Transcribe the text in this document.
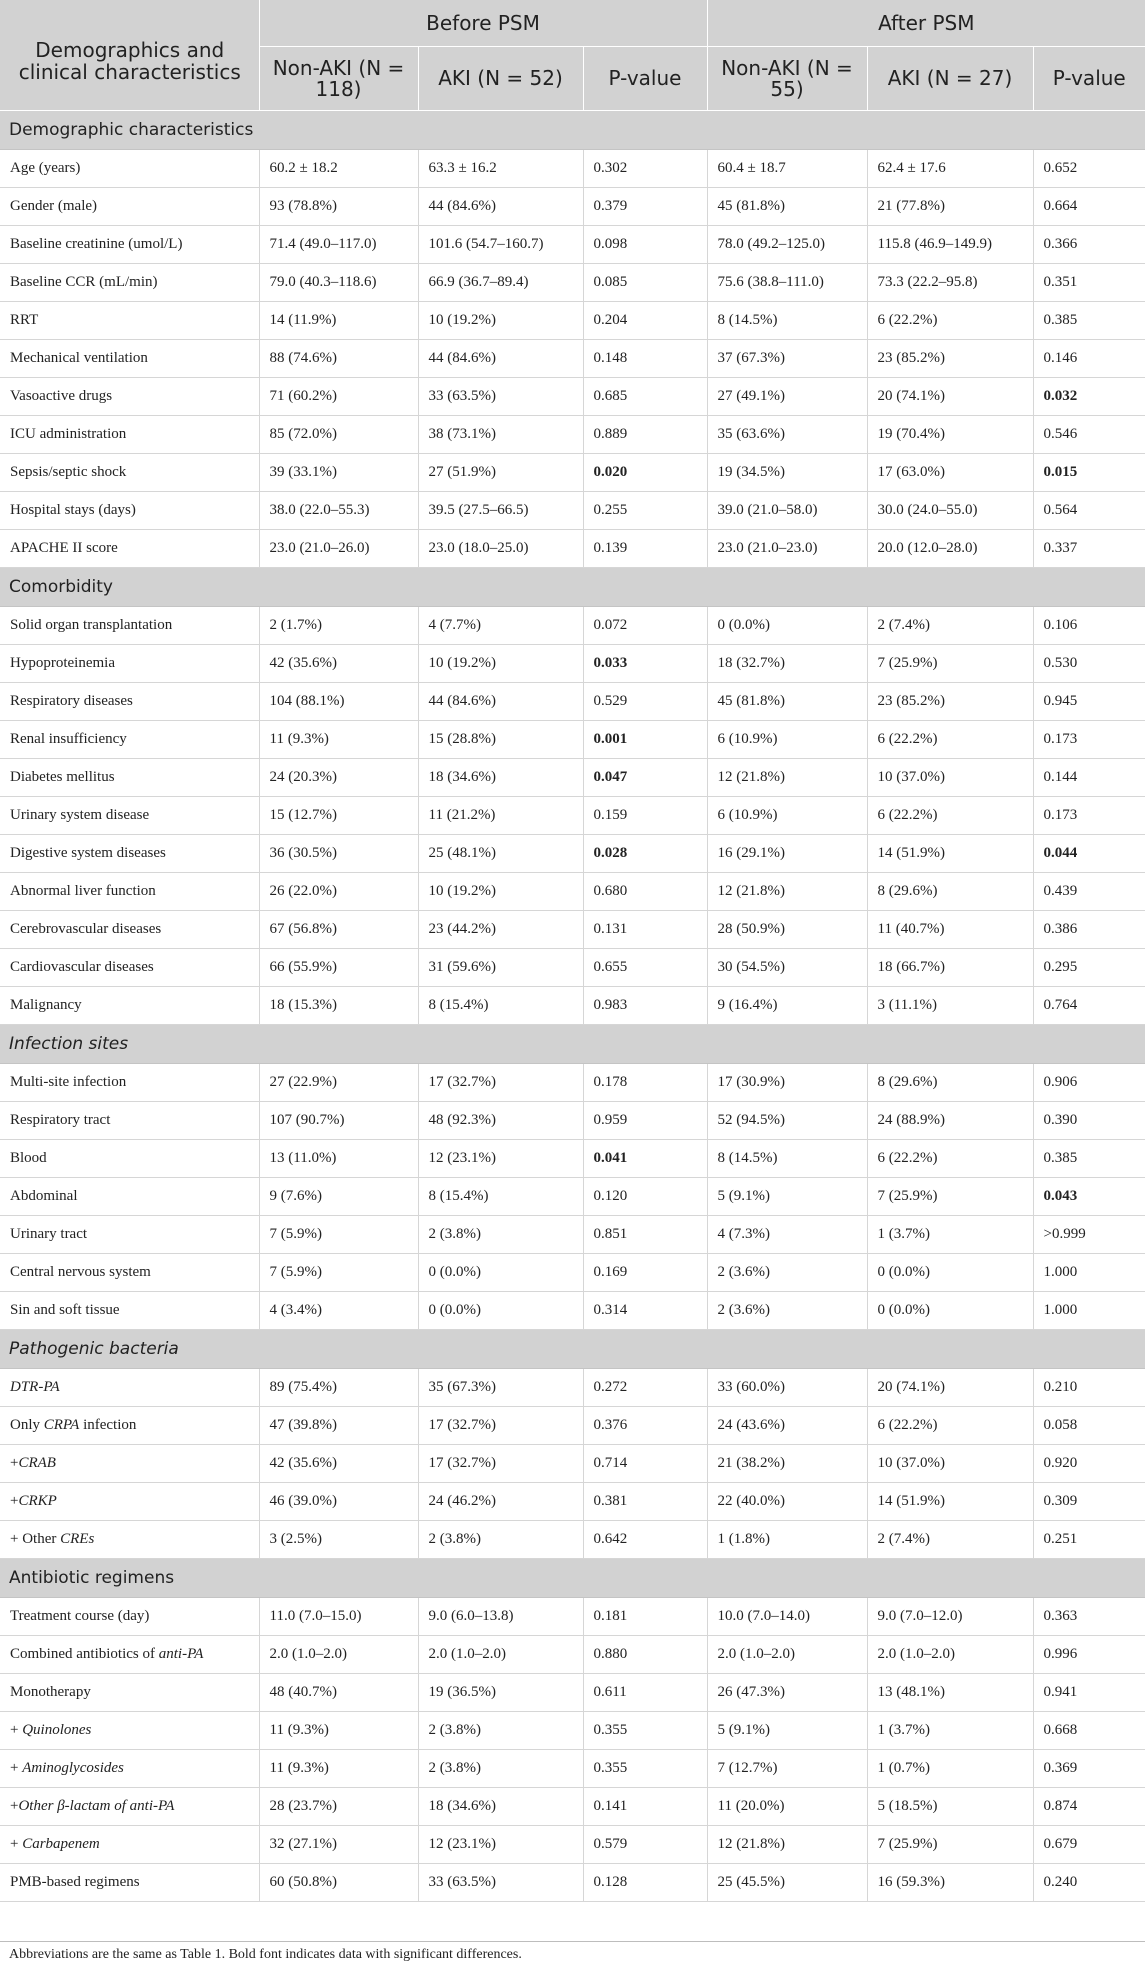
Demographics and clinical characteristics	Before PSM			After PSM		
	Non-AKI (N = 118)	AKI (N = 52)	P-value	Non-AKI (N = 55)	AKI (N = 27)	P-value
Demographic characteristics						
Age (years)	60.2 ± 18.2	63.3 ± 16.2	0.302	60.4 ± 18.7	62.4 ± 17.6	0.652
Gender (male)	93 (78.8%)	44 (84.6%)	0.379	45 (81.8%)	21 (77.8%)	0.664
Baseline creatinine (umol/L)	71.4 (49.0–117.0)	101.6 (54.7–160.7)	0.098	78.0 (49.2–125.0)	115.8 (46.9–149.9)	0.366
Baseline CCR (mL/min)	79.0 (40.3–118.6)	66.9 (36.7–89.4)	0.085	75.6 (38.8–111.0)	73.3 (22.2–95.8)	0.351
RRT	14 (11.9%)	10 (19.2%)	0.204	8 (14.5%)	6 (22.2%)	0.385
Mechanical ventilation	88 (74.6%)	44 (84.6%)	0.148	37 (67.3%)	23 (85.2%)	0.146
Vasoactive drugs	71 (60.2%)	33 (63.5%)	0.685	27 (49.1%)	20 (74.1%)	0.032
ICU administration	85 (72.0%)	38 (73.1%)	0.889	35 (63.6%)	19 (70.4%)	0.546
Sepsis/septic shock	39 (33.1%)	27 (51.9%)	0.020	19 (34.5%)	17 (63.0%)	0.015
Hospital stays (days)	38.0 (22.0–55.3)	39.5 (27.5–66.5)	0.255	39.0 (21.0–58.0)	30.0 (24.0–55.0)	0.564
APACHE II score	23.0 (21.0–26.0)	23.0 (18.0–25.0)	0.139	23.0 (21.0–23.0)	20.0 (12.0–28.0)	0.337
Comorbidity						
Solid organ transplantation	2 (1.7%)	4 (7.7%)	0.072	0 (0.0%)	2 (7.4%)	0.106
Hypoproteinemia	42 (35.6%)	10 (19.2%)	0.033	18 (32.7%)	7 (25.9%)	0.530
Respiratory diseases	104 (88.1%)	44 (84.6%)	0.529	45 (81.8%)	23 (85.2%)	0.945
Renal insufficiency	11 (9.3%)	15 (28.8%)	0.001	6 (10.9%)	6 (22.2%)	0.173
Diabetes mellitus	24 (20.3%)	18 (34.6%)	0.047	12 (21.8%)	10 (37.0%)	0.144
Urinary system disease	15 (12.7%)	11 (21.2%)	0.159	6 (10.9%)	6 (22.2%)	0.173
Digestive system diseases	36 (30.5%)	25 (48.1%)	0.028	16 (29.1%)	14 (51.9%)	0.044
Abnormal liver function	26 (22.0%)	10 (19.2%)	0.680	12 (21.8%)	8 (29.6%)	0.439
Cerebrovascular diseases	67 (56.8%)	23 (44.2%)	0.131	28 (50.9%)	11 (40.7%)	0.386
Cardiovascular diseases	66 (55.9%)	31 (59.6%)	0.655	30 (54.5%)	18 (66.7%)	0.295
Malignancy	18 (15.3%)	8 (15.4%)	0.983	9 (16.4%)	3 (11.1%)	0.764
Infection sites						
Multi-site infection	27 (22.9%)	17 (32.7%)	0.178	17 (30.9%)	8 (29.6%)	0.906
Respiratory tract	107 (90.7%)	48 (92.3%)	0.959	52 (94.5%)	24 (88.9%)	0.390
Blood	13 (11.0%)	12 (23.1%)	0.041	8 (14.5%)	6 (22.2%)	0.385
Abdominal	9 (7.6%)	8 (15.4%)	0.120	5 (9.1%)	7 (25.9%)	0.043
Urinary tract	7 (5.9%)	2 (3.8%)	0.851	4 (7.3%)	1 (3.7%)	>0.999
Central nervous system	7 (5.9%)	0 (0.0%)	0.169	2 (3.6%)	0 (0.0%)	1.000
Sin and soft tissue	4 (3.4%)	0 (0.0%)	0.314	2 (3.6%)	0 (0.0%)	1.000
Pathogenic bacteria						
DTR-PA	89 (75.4%)	35 (67.3%)	0.272	33 (60.0%)	20 (74.1%)	0.210
Only CRPA infection	47 (39.8%)	17 (32.7%)	0.376	24 (43.6%)	6 (22.2%)	0.058
+CRAB	42 (35.6%)	17 (32.7%)	0.714	21 (38.2%)	10 (37.0%)	0.920
+CRKP	46 (39.0%)	24 (46.2%)	0.381	22 (40.0%)	14 (51.9%)	0.309
+ Other CREs	3 (2.5%)	2 (3.8%)	0.642	1 (1.8%)	2 (7.4%)	0.251
Antibiotic regimens						
Treatment course (day)	11.0 (7.0–15.0)	9.0 (6.0–13.8)	0.181	10.0 (7.0–14.0)	9.0 (7.0–12.0)	0.363
Combined antibiotics of anti-PA	2.0 (1.0–2.0)	2.0 (1.0–2.0)	0.880	2.0 (1.0–2.0)	2.0 (1.0–2.0)	0.996
Monotherapy	48 (40.7%)	19 (36.5%)	0.611	26 (47.3%)	13 (48.1%)	0.941
+ Quinolones	11 (9.3%)	2 (3.8%)	0.355	5 (9.1%)	1 (3.7%)	0.668
+ Aminoglycosides	11 (9.3%)	2 (3.8%)	0.355	7 (12.7%)	1 (0.7%)	0.369
+Other β-lactam of anti-PA	28 (23.7%)	18 (34.6%)	0.141	11 (20.0%)	5 (18.5%)	0.874
+ Carbapenem	32 (27.1%)	12 (23.1%)	0.579	12 (21.8%)	7 (25.9%)	0.679
PMB-based regimens	60 (50.8%)	33 (63.5%)	0.128	25 (45.5%)	16 (59.3%)	0.240
Abbreviations are the same as Table 1. Bold font indicates data with significant differences.
